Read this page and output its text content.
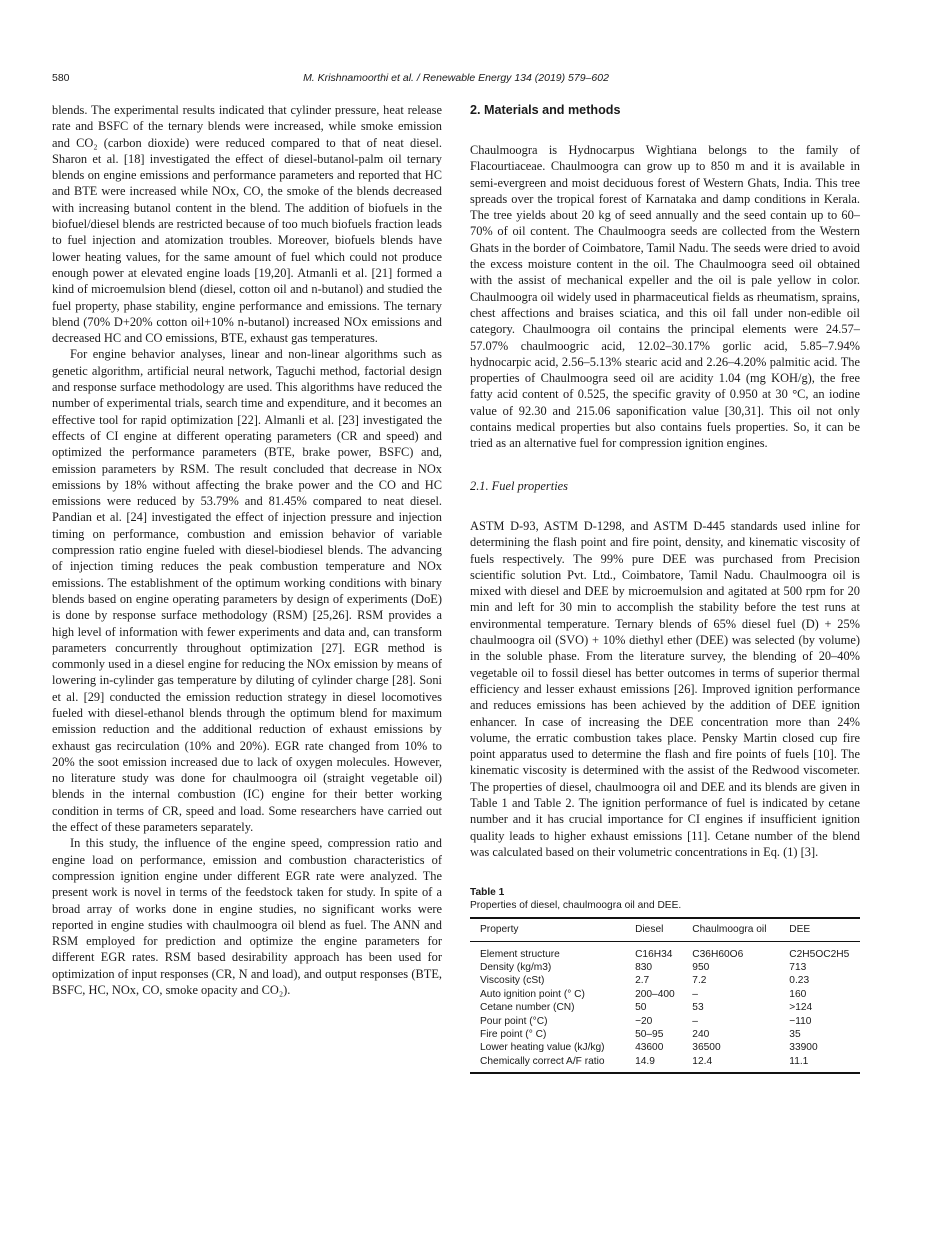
580	M. Krishnamoorthi et al. / Renewable Energy 134 (2019) 579–602

blends. The experimental results indicated that cylinder pressure, heat release rate and BSFC of the ternary blends were increased, while smoke emission and CO₂ (carbon dioxide) were reduced compared to that of neat diesel. Sharon et al. [18] investigated the effect of diesel-butanol-palm oil ternary blends on engine emissions and performance parameters and reported that HC and BTE were increased while NOx, CO, the smoke of the blends decreased with increasing butanol content in the blend. The addition of biofuels in the biofuel/diesel blends are restricted because of too much biofuels fraction leads to fuel injection and atomization troubles. Moreover, biofuels blends have lower heating values, for the same amount of fuel which could not produce enough power at elevated engine loads [19,20]. Atmanli et al. [21] formed a kind of microemulsion blend (diesel, cotton oil and n-butanol) and studied the fuel property, phase stability, engine performance and emissions. The ternary blend (70% D+20% cotton oil+10% n-butanol) increased NOx emissions and decreased HC and CO emissions, BTE, exhaust gas temperatures.

For engine behavior analyses, linear and non-linear algorithms such as genetic algorithm, artificial neural network, Taguchi method, factorial design and response surface methodology are used. This algorithms have reduced the number of experimental trials, search time and expenditure, and it becomes an effective tool for rapid optimization [22]. Almanli et al. [23] investigated the effects of CI engine at different operating parameters (CR and speed) and optimized the performance parameters (BTE, brake power, BSFC) and, emission parameters by RSM. The result concluded that decrease in NOx emissions by 18% without affecting the brake power and the CO and HC emissions were reduced by 53.79% and 81.45% compared to neat diesel. Pandian et al. [24] investigated the effect of injection pressure and injection timing on performance, combustion and emission behavior of variable compression ratio engine fueled with diesel-biodiesel blends. The advancing of injection timing reduces the peak combustion temperature and NOx emissions. The establishment of the optimum working conditions with binary blends based on engine operating parameters by design of experiments (DoE) is done by response surface methodology (RSM) [25,26]. RSM provides a high level of information with fewer experiments and data and, can transform parameters concurrently throughout optimization [27]. EGR method is commonly used in a diesel engine for reducing the NOx emission by means of lowering in-cylinder gas temperature by diluting of cylinder charge [28]. Soni et al. [29] conducted the emission reduction strategy in diesel locomotives fueled with diesel-ethanol blends through the optimum blend for maximum emission reduction and the additional reduction of exhaust emissions by exhaust gas recirculation (10% and 20%). EGR rate changed from 10% to 20% the soot emission increased due to lack of oxygen molecules. However, no literature study was done for chaulmoogra oil (straight vegetable oil) blends in the internal combustion (IC) engine for their better working condition in terms of CR, speed and load. Some researchers have carried out the effect of these parameters separately.

In this study, the influence of the engine speed, compression ratio and engine load on performance, emission and combustion characteristics of compression ignition engine under different EGR rate were analyzed. The present work is novel in terms of the feedstock taken for study. In spite of a broad array of works done in engine studies, no significant works were reported in engine studies with chaulmoogra oil blend as fuel. The ANN and RSM employed for prediction and optimize the engine parameters for different EGR rates. RSM based desirability approach has been used for optimization of input responses (CR, N and load), and output responses (BTE, BSFC, HC, NOx, CO, smoke opacity and CO₂).

2. Materials and methods

Chaulmoogra is Hydnocarpus Wightiana belongs to the family of Flacourtiaceae. Chaulmoogra can grow up to 850 m and it is available in semi-evergreen and moist deciduous forest of Western Ghats, India. This tree spreads over the tropical forest of Karnataka and damp conditions in Kerala. The tree yields about 20 kg of seed annually and the seed contain up to 60–70% of oil content. The Chaulmoogra seeds are collected from the Western Ghats in the border of Coimbatore, Tamil Nadu. The seeds were dried to avoid the excess moisture content in the oil. The Chaulmoogra seed oil obtained with the assist of mechanical expeller and the oil is pale yellow in color. Chaulmoogra oil widely used in pharmaceutical fields as rheumatism, sprains, chest affections and braises sciatica, and this oil fall under non-edible oil category. Chaulmoogra oil contains the principal elements were 24.57–57.07% chaulmoogric acid, 12.02–30.17% gorlic acid, 5.85–7.94% hydnocarpic acid, 2.56–5.13% stearic acid and 2.26–4.20% palmitic acid. The properties of Chaulmoogra seed oil are acidity 1.04 (mg KOH/g), the free fatty acid content of 0.525, the specific gravity of 0.950 at 30 °C, an iodine value of 92.30 and 215.06 saponification value [30,31]. This oil not only contains medical properties but also contains fuels properties. So, it can be tried as an alternative fuel for compression ignition engines.

2.1. Fuel properties

ASTM D-93, ASTM D-1298, and ASTM D-445 standards used inline for determining the flash point and fire point, density, and kinematic viscosity of fuels respectively. The 99% pure DEE was purchased from Precision scientific solution Pvt. Ltd., Coimbatore, Tamil Nadu. Chaulmoogra oil is mixed with diesel and DEE by microemulsion and agitated at 500 rpm for 20 min and left for 30 min to accomplish the stability before the test runs at environmental temperature. Ternary blends of 65% diesel fuel (D) + 25% chaulmoogra oil (SVO) + 10% diethyl ether (DEE) was selected (by volume) in the soluble phase. From the literature survey, the blending of 20–40% vegetable oil to fossil diesel has better outcomes in terms of superior thermal efficiency and lesser exhaust emissions [26]. Improved ignition performance and reduces emissions has been achieved by the addition of DEE ignition enhancer. In case of increasing the DEE concentration more than 24% volume, the erratic combustion takes place. Pensky Martin closed cup fire point apparatus used to determine the flash and fire points of fuels [10]. The kinematic viscosity is determined with the assist of the Redwood viscometer. The properties of diesel, chaulmoogra oil and DEE and its blends are given in Table 1 and Table 2. The ignition performance of fuel is indicated by cetane number and it has crucial importance for CI engines if insufficient ignition quality leads to higher exhaust emissions [11]. Cetane number of the blend was calculated based on their volumetric concentrations in Eq. (1) [3].

Table 1
Properties of diesel, chaulmoogra oil and DEE.
Property	Diesel	Chaulmoogra oil	DEE
Element structure	C16H34	C36H60O6	C2H5OC2H5
Density (kg/m3)	830	950	713
Viscosity (cSt)	2.7	7.2	0.23
Auto ignition point (° C)	200–400	–	160
Cetane number (CN)	50	53	>124
Pour point (°C)	−20	–	−110
Fire point (° C)	50–95	240	35
Lower heating value (kJ/kg)	43600	36500	33900
Chemically correct A/F ratio	14.9	12.4	11.1
